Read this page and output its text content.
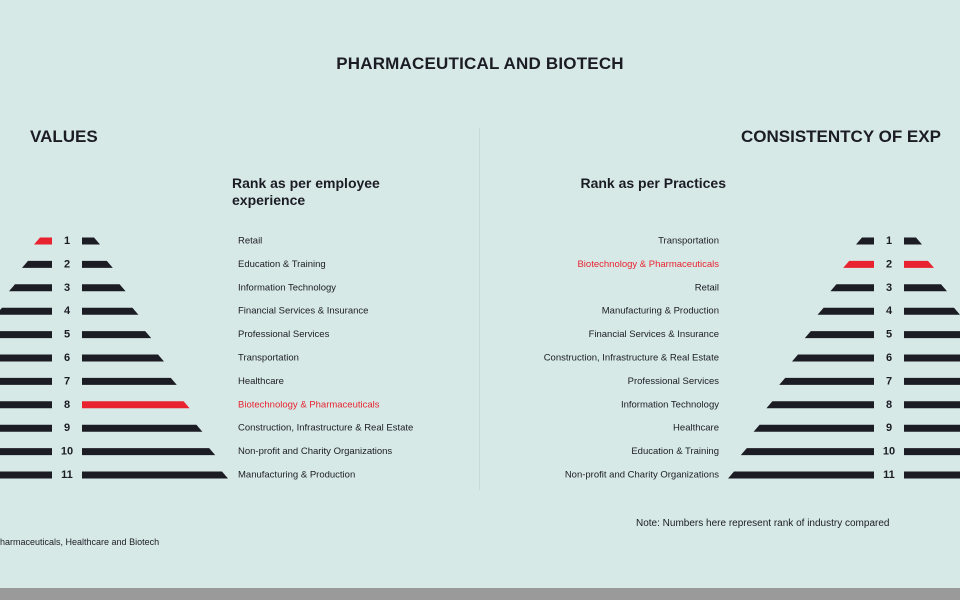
PHARMACEUTICAL AND BIOTECH
VALUES	CONSISTENTCY OF EXP
Rank as per employee experience
Rank as per Practices
1	Retail
2	Education & Training
3	Information Technology
4	Financial Services & Insurance
5	Professional Services
6	Transportation
7	Healthcare
8	Biotechnology & Pharmaceuticals
9	Construction, Infrastructure & Real Estate
10	Non-profit and Charity Organizations
11	Manufacturing & Production
Transportation	1
Biotechnology & Pharmaceuticals	2
Retail	3
Manufacturing & Production	4
Financial Services & Insurance	5
Construction, Infrastructure & Real Estate	6
Professional Services	7
Information Technology	8
Healthcare	9
Education & Training	10
Non-profit and Charity Organizations	11
Note: Numbers here represent rank of industry compared
harmaceuticals, Healthcare and Biotech
